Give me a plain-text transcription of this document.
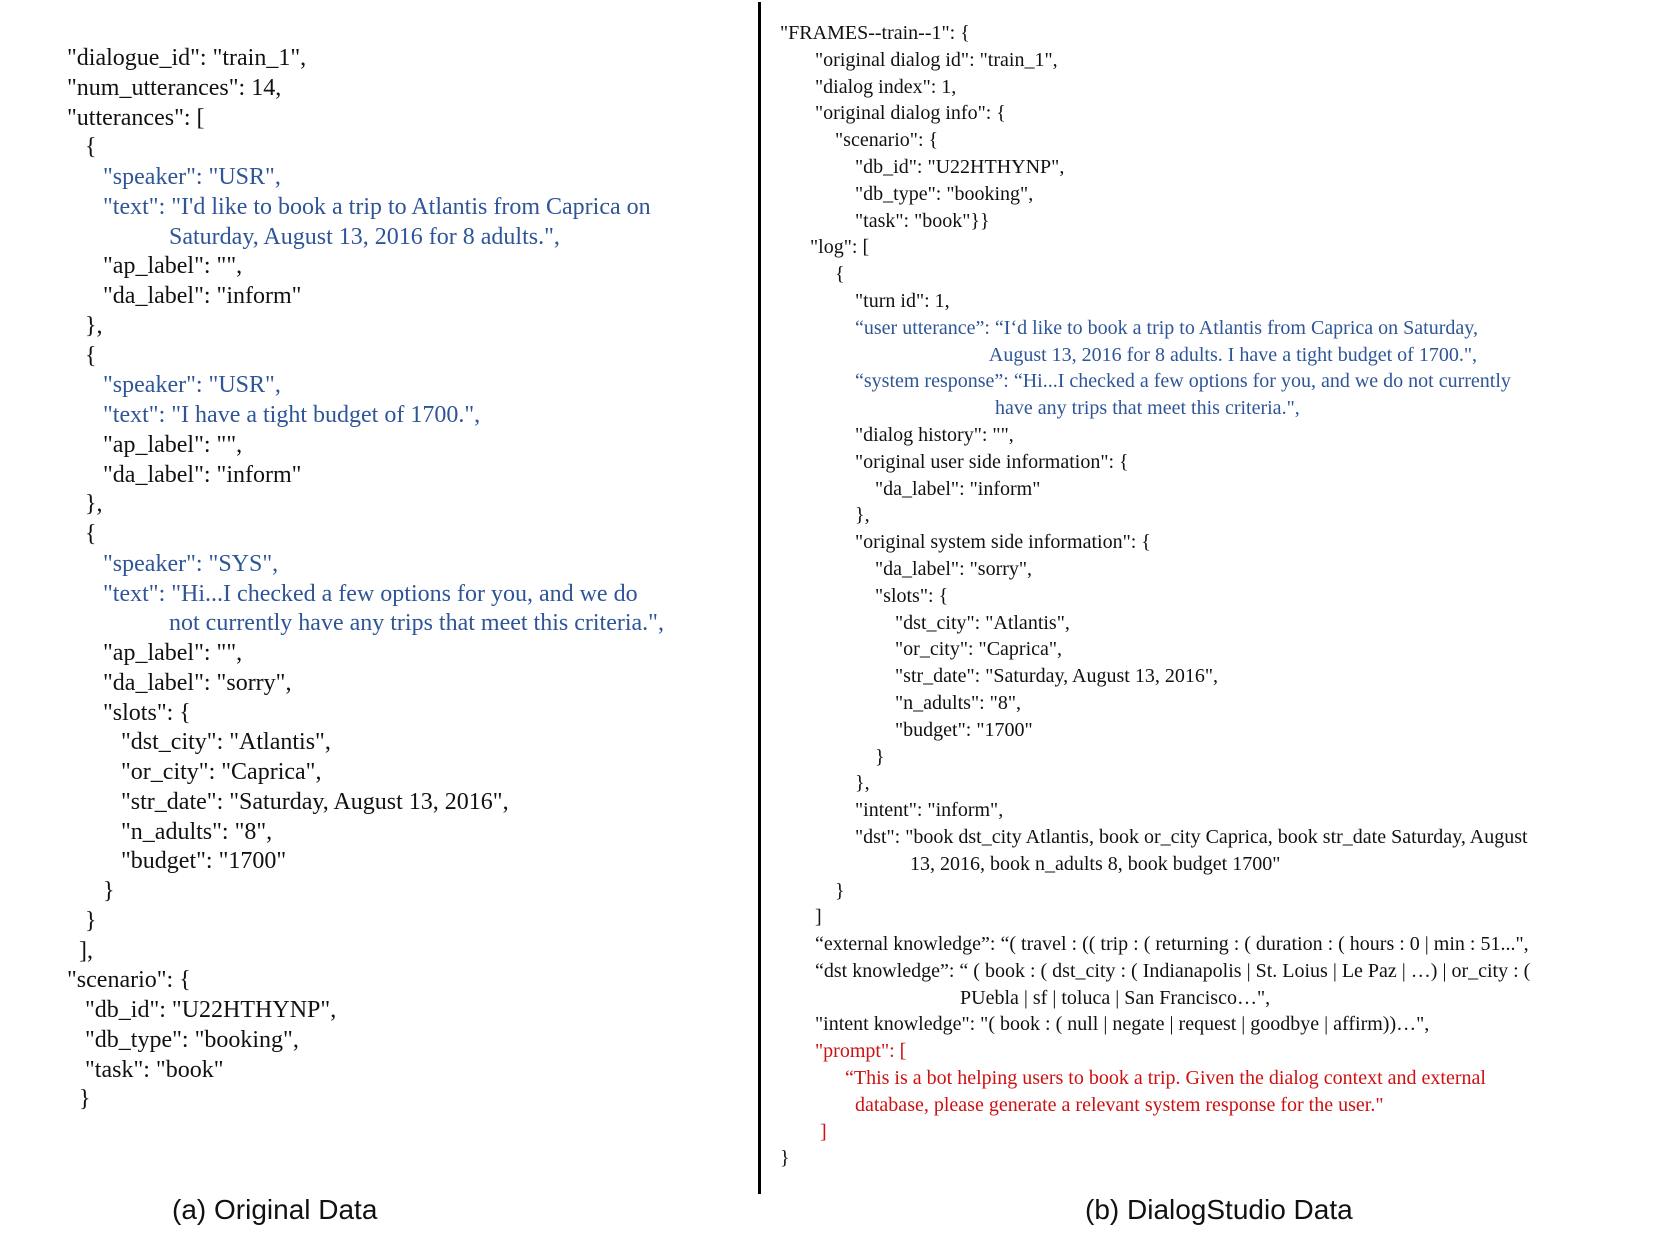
"dialogue_id": "train_1",
"num_utterances": 14,
"utterances": [
{
"speaker": "USR",
"text": "I'd like to book a trip to Atlantis from Caprica on
Saturday, August 13, 2016 for 8 adults.",
"ap_label": "",
"da_label": "inform"
},
{
"speaker": "USR",
"text": "I have a tight budget of 1700.",
"ap_label": "",
"da_label": "inform"
},
{
"speaker": "SYS",
"text": "Hi...I checked a few options for you, and we do
not currently have any trips that meet this criteria.",
"ap_label": "",
"da_label": "sorry",
"slots": {
"dst_city": "Atlantis",
"or_city": "Caprica",
"str_date": "Saturday, August 13, 2016",
"n_adults": "8",
"budget": "1700"
}
}
],
"scenario": {
"db_id": "U22HTHYNP",
"db_type": "booking",
"task": "book"
}
(a) Original Data
"FRAMES--train--1": {
"original dialog id": "train_1",
"dialog index": 1,
"original dialog info": {
"scenario": {
"db_id": "U22HTHYNP",
"db_type": "booking",
"task": "book"}}
"log": [
{
"turn id": 1,
“user utterance”: “I‘d like to book a trip to Atlantis from Caprica on Saturday,
August 13, 2016 for 8 adults. I have a tight budget of 1700.",
“system response”: “Hi...I checked a few options for you, and we do not currently
have any trips that meet this criteria.",
"dialog history": "",
"original user side information": {
"da_label": "inform"
},
"original system side information": {
"da_label": "sorry",
"slots": {
"dst_city": "Atlantis",
"or_city": "Caprica",
"str_date": "Saturday, August 13, 2016",
"n_adults": "8",
"budget": "1700"
}
},
"intent": "inform",
"dst": "book dst_city Atlantis, book or_city Caprica, book str_date Saturday, August
13, 2016, book n_adults 8, book budget 1700"
}
]
“external knowledge”: “( travel : (( trip : ( returning : ( duration : ( hours : 0 | min : 51...",
“dst knowledge”: “ ( book : ( dst_city : ( Indianapolis | St. Loius | Le Paz | …) | or_city : (
PUebla | sf | toluca | San Francisco…",
"intent knowledge": "( book : ( null | negate | request | goodbye | affirm))…",
"prompt": [
“This is a bot helping users to book a trip. Given the dialog context and external
database, please generate a relevant system response for the user."
]
}
(b) DialogStudio Data
